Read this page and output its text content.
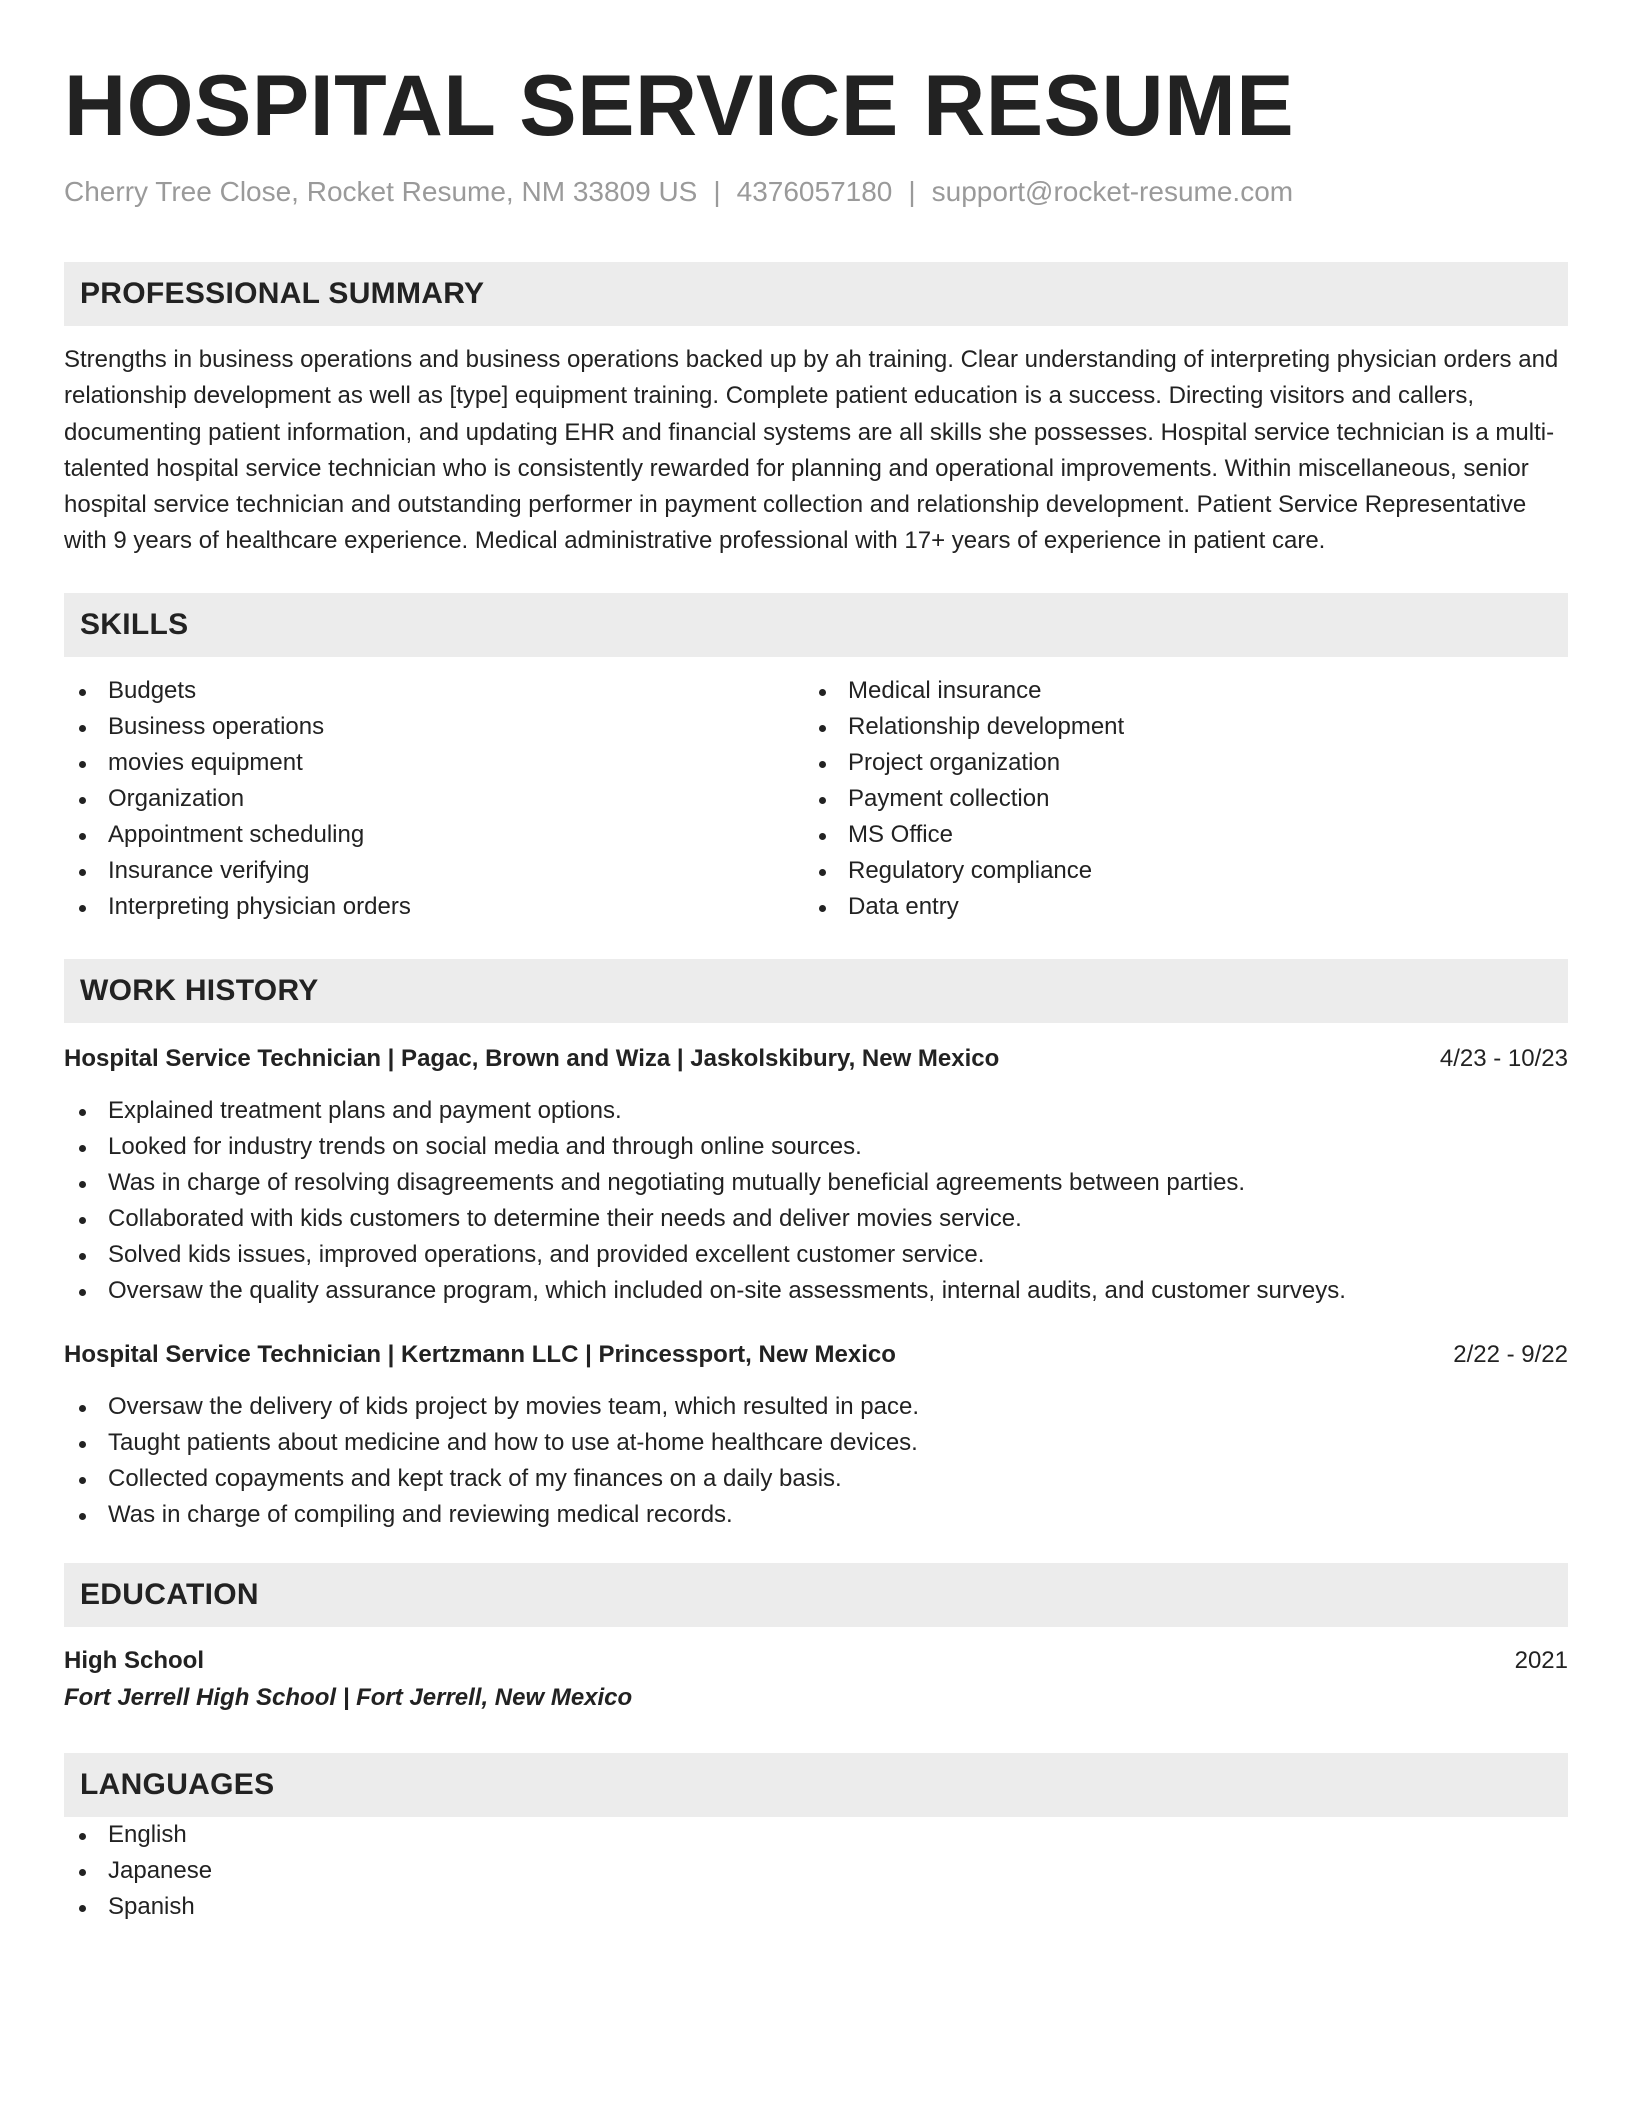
HOSPITAL SERVICE RESUME
Cherry Tree Close, Rocket Resume, NM 33809 US | 4376057180 | support@rocket-resume.com
PROFESSIONAL SUMMARY
Strengths in business operations and business operations backed up by ah training. Clear understanding of interpreting physician orders and relationship development as well as [type] equipment training. Complete patient education is a success. Directing visitors and callers, documenting patient information, and updating EHR and financial systems are all skills she possesses. Hospital service technician is a multi-talented hospital service technician who is consistently rewarded for planning and operational improvements. Within miscellaneous, senior hospital service technician and outstanding performer in payment collection and relationship development. Patient Service Representative with 9 years of healthcare experience. Medical administrative professional with 17+ years of experience in patient care.
SKILLS
Budgets
Business operations
movies equipment
Organization
Appointment scheduling
Insurance verifying
Interpreting physician orders
Medical insurance
Relationship development
Project organization
Payment collection
MS Office
Regulatory compliance
Data entry
WORK HISTORY
Hospital Service Technician | Pagac, Brown and Wiza | Jaskolskibury, New Mexico	4/23 - 10/23
Explained treatment plans and payment options.
Looked for industry trends on social media and through online sources.
Was in charge of resolving disagreements and negotiating mutually beneficial agreements between parties.
Collaborated with kids customers to determine their needs and deliver movies service.
Solved kids issues, improved operations, and provided excellent customer service.
Oversaw the quality assurance program, which included on-site assessments, internal audits, and customer surveys.
Hospital Service Technician | Kertzmann LLC | Princessport, New Mexico	2/22 - 9/22
Oversaw the delivery of kids project by movies team, which resulted in pace.
Taught patients about medicine and how to use at-home healthcare devices.
Collected copayments and kept track of my finances on a daily basis.
Was in charge of compiling and reviewing medical records.
EDUCATION
High School	2021
Fort Jerrell High School | Fort Jerrell, New Mexico
LANGUAGES
English
Japanese
Spanish
